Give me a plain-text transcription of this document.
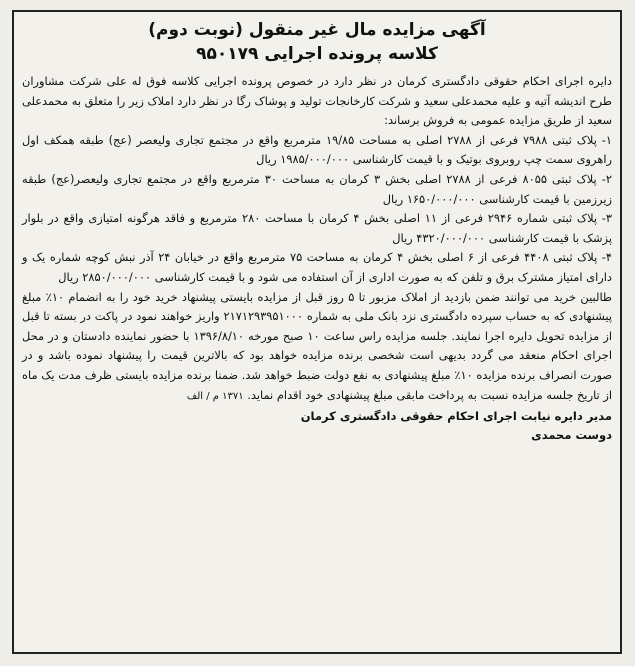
آگهی مزایده مال غیر منقول (نوبت دوم)
کلاسه پرونده اجرایی ۹۵۰۱۷۹

دایره اجرای احکام حقوقی دادگستری کرمان در نظر دارد در خصوص پرونده اجرایی کلاسه فوق له علی شرکت مشاوران طرح اندیشه آتیه و علیه محمدعلی سعید و شرکت کارخانجات تولید و پوشاک رگا در نظر دارد املاک زیر را متعلق به محمدعلی سعید از طریق مزایده عمومی به فروش برساند:

۱- پلاک ثبتی ۷۹۸۸ فرعی از ۲۷۸۸ اصلی به مساحت ۱۹/۸۵ مترمربع واقع در مجتمع تجاری ولیعصر (عج) طبقه همکف اول راهروی سمت چپ روبروی بوتیک و با قیمت کارشناسی ۱۹۸۵/۰۰۰/۰۰۰ ریال

۲- پلاک ثبتی ۸۰۵۵ فرعی از ۲۷۸۸ اصلی بخش ۳ کرمان به مساحت ۳۰ مترمربع واقع در مجتمع تجاری ولیعصر(عج) طبقه زیرزمین با قیمت کارشناسی ۱۶۵۰/۰۰۰/۰۰۰ ریال

۳- پلاک ثبتی شماره ۲۹۴۶ فرعی از ۱۱ اصلی بخش ۴ کرمان با مساحت ۲۸۰ مترمربع و فاقد هرگونه امتیازی واقع در بلوار پزشک با قیمت کارشناسی ۴۳۲۰/۰۰۰/۰۰۰ ریال

۴- پلاک ثبتی ۴۴۰۸ فرعی از ۶ اصلی بخش ۴ کرمان به مساحت ۷۵ مترمربع واقع در خیابان ۲۴ آذر نبش کوچه شماره یک و دارای امتیاز مشترک برق و تلفن که به صورت اداری از آن استفاده می شود و با قیمت کارشناسی ۲۸۵۰/۰۰۰/۰۰۰ ریال

طالبین خرید می توانند ضمن بازدید از املاک مزبور تا ۵ روز قبل از مزایده بایستی پیشنهاد خرید خود را به انضمام ۱۰٪ مبلغ پیشنهادی که به حساب سپرده دادگستری نزد بانک ملی به شماره ۲۱۷۱۲۹۳۹۵۱۰۰۰ واریز خواهند نمود در پاکت در بسته تا قبل از مزایده تحویل دایره اجرا نمایند. جلسه مزایده راس ساعت ۱۰ صبح مورخه ۱۳۹۶/۸/۱۰ با حضور نماینده دادستان و در محل اجرای احکام منعقد می گردد بدیهی است شخصی برنده مزایده خواهد بود که بالاترین قیمت را پیشنهاد نموده باشد و در صورت انصراف برنده مزایده ۱۰٪ مبلغ پیشنهادی به نفع دولت ضبط خواهد شد. ضمنا برنده مزایده بایستی ظرف مدت یک ماه از تاریخ جلسه مزایده نسبت به پرداخت مابقی مبلغ پیشنهادی خود اقدام نماید. ۱۳۷۱ م / الف

مدیر دایره نیابت اجرای احکام حقوقی دادگستری کرمان
دوست محمدی
